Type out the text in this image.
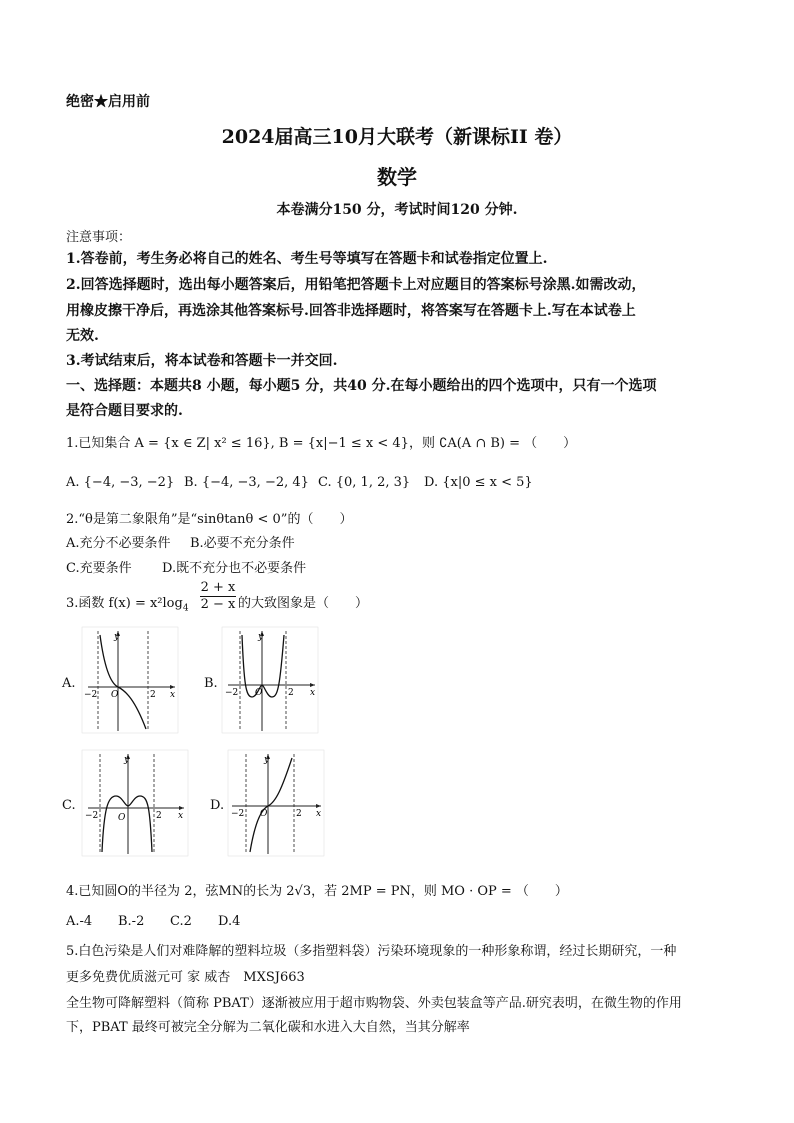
绝密★启用前
2024届高三10月大联考（新课标II 卷）
数学
本卷满分150 分，考试时间120 分钟.
注意事项：
1.答卷前，考生务必将自己的姓名、考生号等填写在答题卡和试卷指定位置上.
2.回答选择题时，选出每小题答案后，用铅笔把答题卡上对应题目的答案标号涂黑.如需改动，
用橡皮擦干净后，再选涂其他答案标号.回答非选择题时，将答案写在答题卡上.写在本试卷上
无效.
3.考试结束后，将本试卷和答题卡一并交回.
一、选择题：本题共8 小题，每小题5 分，共40 分.在每小题给出的四个选项中，只有一个选项
是符合题目要求的.
1.已知集合 A = {x ∈ Z| x² ≤ 16}, B = {x|−1 ≤ x < 4}，则 ∁A(A ∩ B) = （　　）
A. {−4, −3, −2} B. {−4, −3, −2, 4} C. {0, 1, 2, 3} D. {x|0 ≤ x < 5}
2.“θ是第二象限角”是“sinθtanθ < 0”的（　　）
A.充分不必要条件 B.必要不充分条件
C.充要条件 D.既不充分也不必要条件
3.函数 $f(x) = x^2\log_4 \frac{2 + x}{2 - x}$ 的大致图象是（　　）
A.
y
x
O
−2	2
B.
y
x
O
−2	2
C.
y
x
O
−2	2
D.
y
x
O
−2	2
4.已知圆O的半径为 2，弦MN的长为 2√3，若 2MP = PN，则 MO · OP = （　　）
A.-4 B.-2 C.2 D.4
5.白色污染是人们对难降解的塑料垃圾（多指塑料袋）污染环境现象的一种形象称谓，经过长期研究，一种
更多免费优质滋元可 家 威杏　MXSJ663
全生物可降解塑料（简称 PBAT）逐渐被应用于超市购物袋、外卖包装盒等产品.研究表明，在微生物的作用
下，PBAT 最终可被完全分解为二氧化碳和水进入大自然，当其分解率
